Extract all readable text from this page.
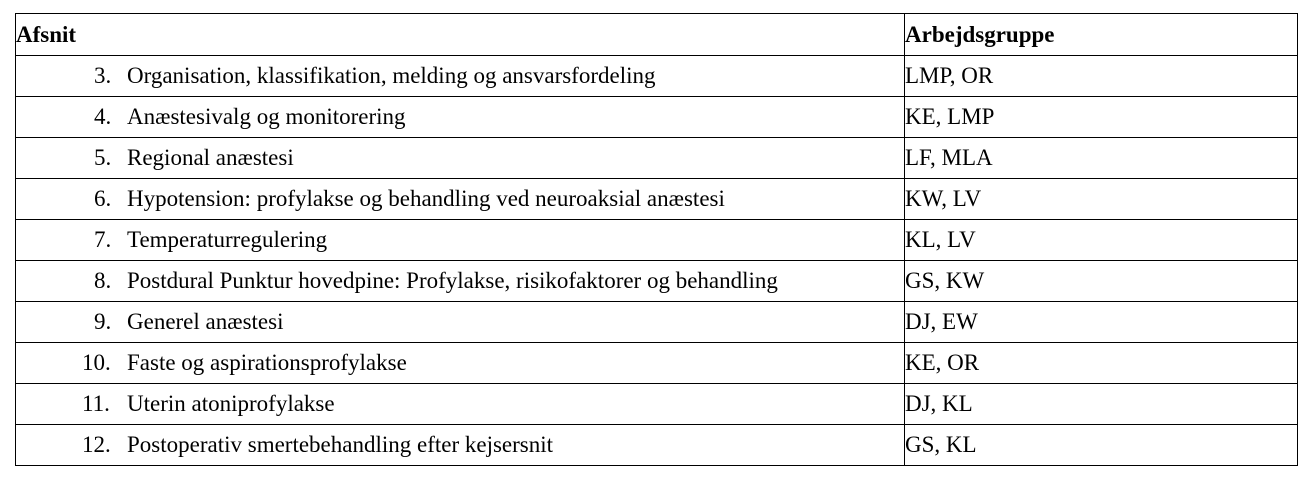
Afsnit	Arbejdsgruppe

3. Organisation, klassifikation, melding og ansvarsfordeling	LMP, OR

4. Anæstesivalg og monitorering	KE, LMP

5. Regional anæstesi	LF, MLA

6. Hypotension: profylakse og behandling ved neuroaksial anæstesi	KW, LV

7. Temperaturregulering	KL, LV

8. Postdural Punktur hovedpine: Profylakse, risikofaktorer og behandling	GS, KW

9. Generel anæstesi	DJ, EW

10. Faste og aspirationsprofylakse	KE, OR

11. Uterin atoniprofylakse	DJ, KL

12. Postoperativ smertebehandling efter kejsersnit	GS, KL
